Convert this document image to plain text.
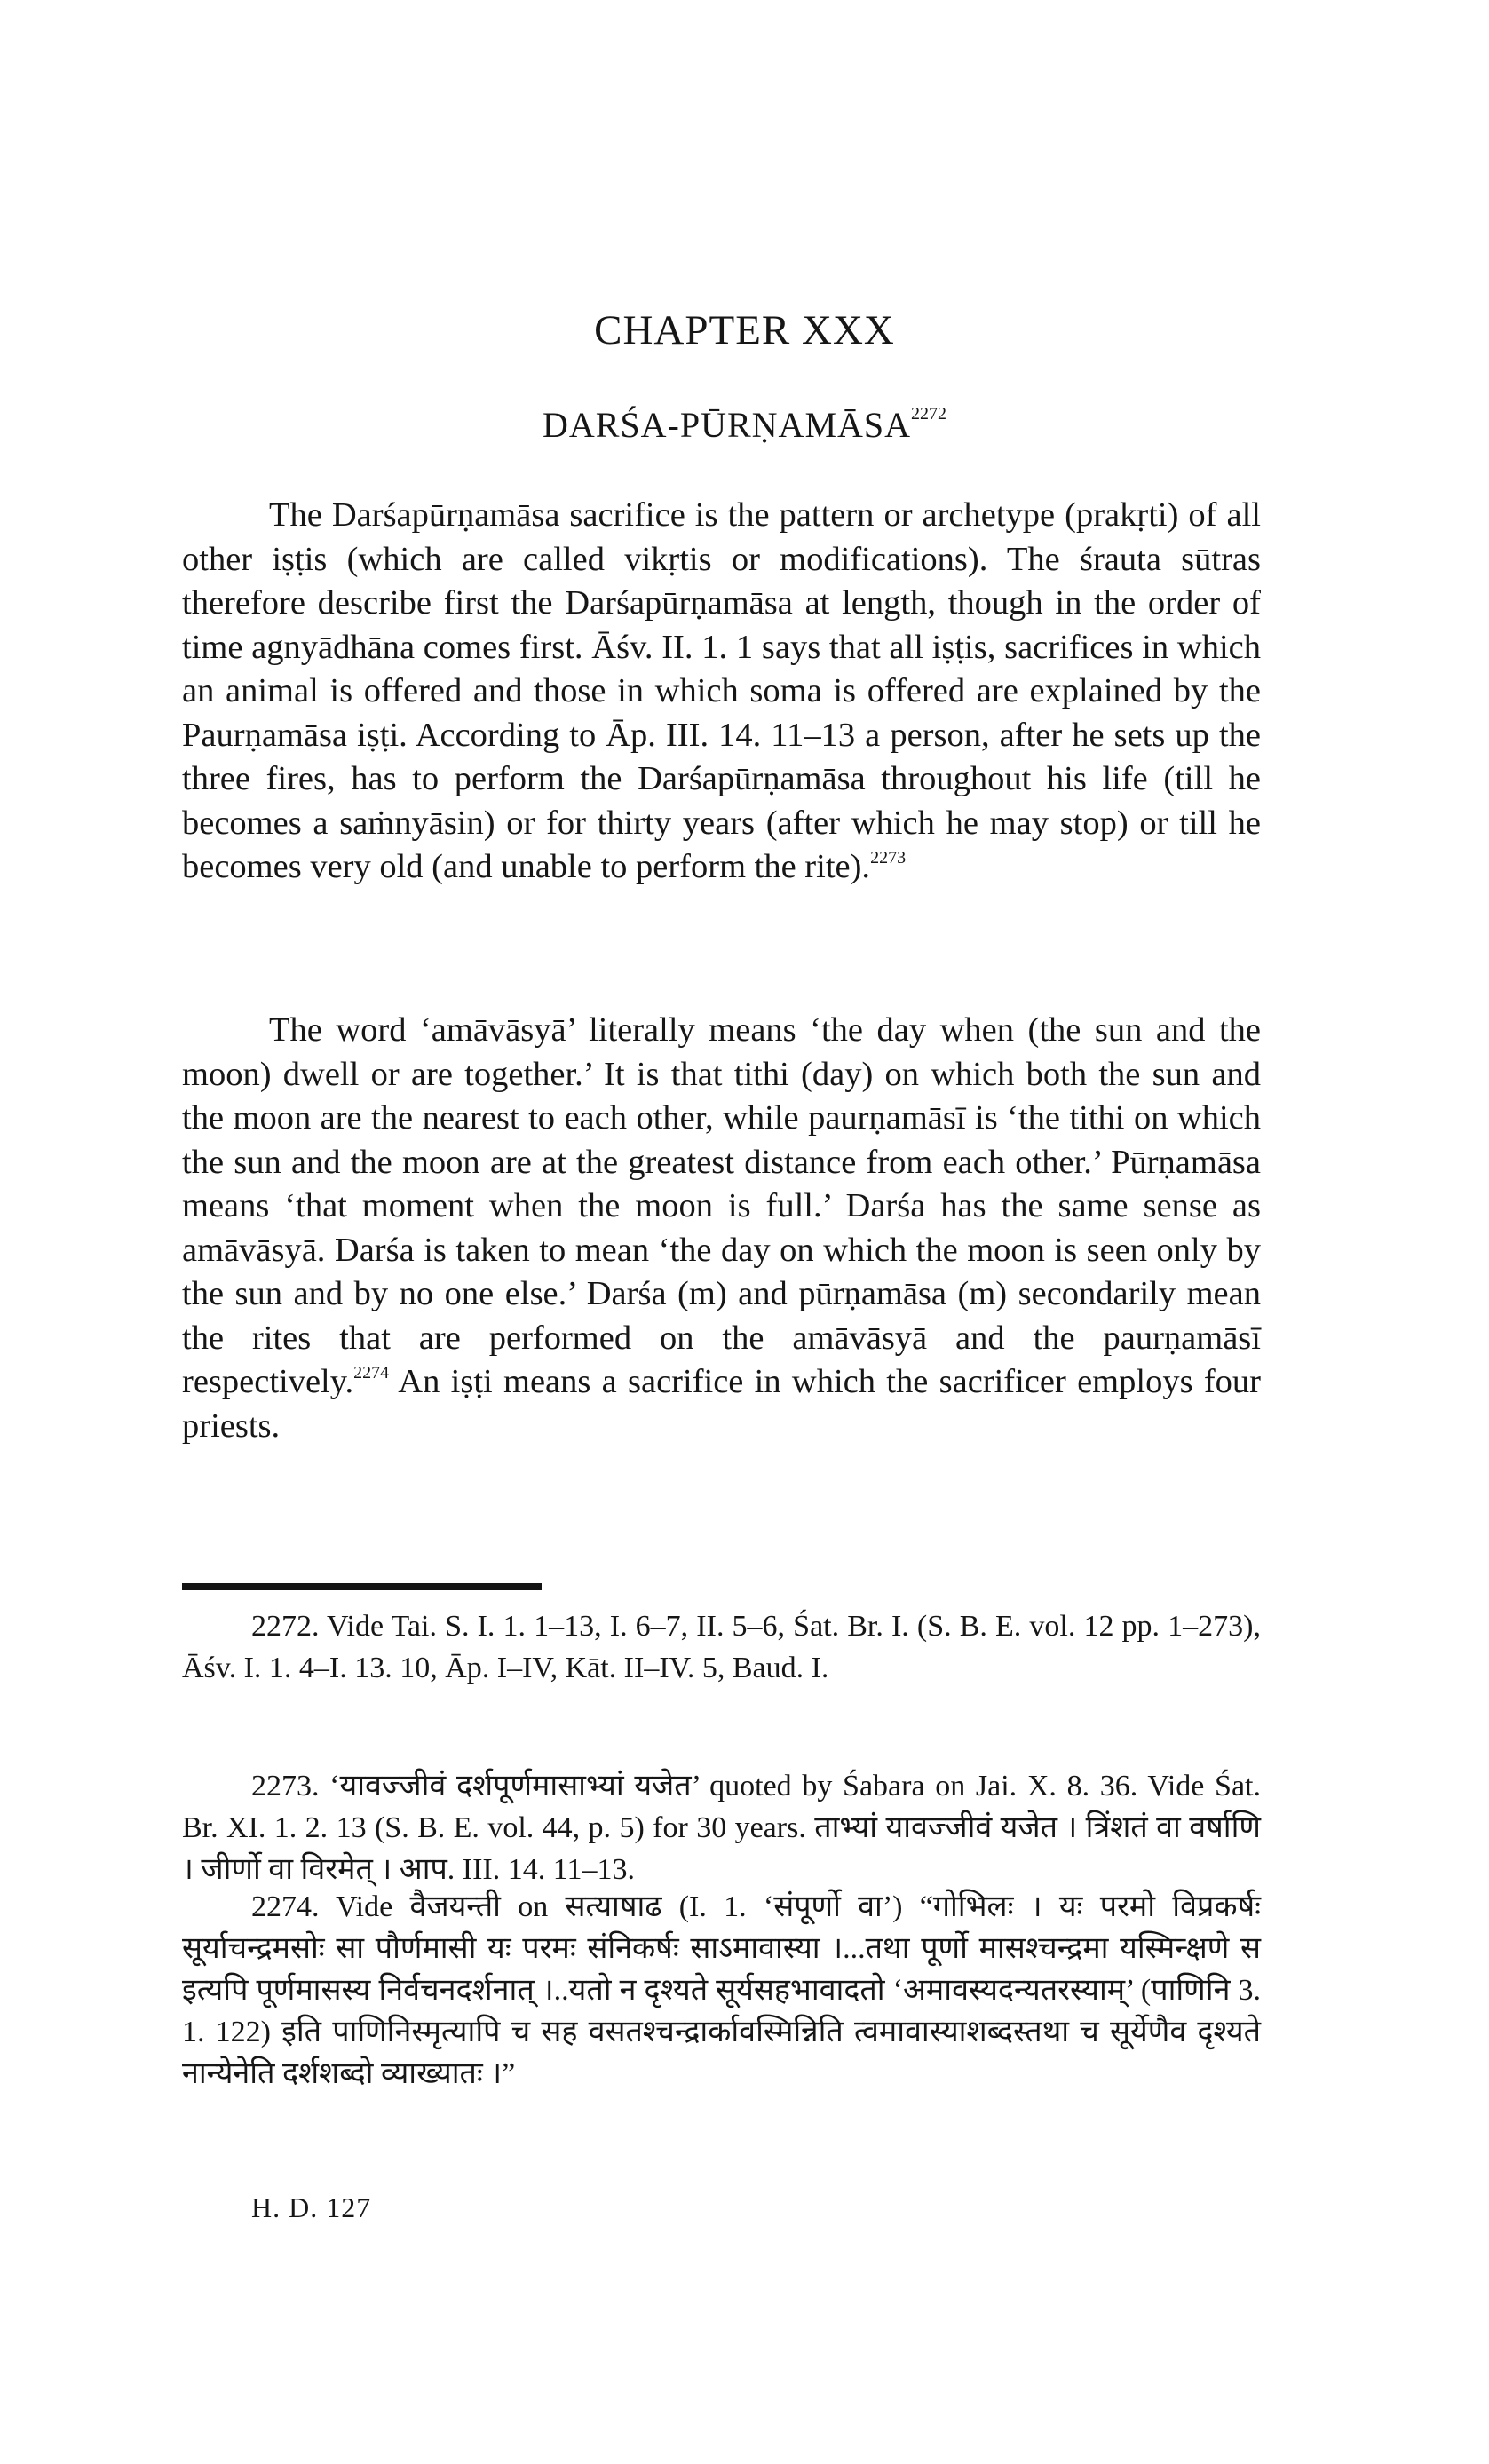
CHAPTER XXX
DARŚA-PŪRṆAMĀSA$^{2272}$

The Darśapūrṇamāsa sacrifice is the pattern or archetype (prakṛti) of all other iṣṭis (which are called vikṛtis or modifications). The śrauta sūtras therefore describe first the Darśapūrṇamāsa at length, though in the order of time agnyādhāna comes first. Āśv. II. 1. 1 says that all iṣṭis, sacrifices in which an animal is offered and those in which soma is offered are explained by the Paurṇamāsa iṣṭi. According to Āp. III. 14. 11–13 a person, after he sets up the three fires, has to perform the Darśapūrṇamāsa throughout his life (till he becomes a saṁnyāsin) or for thirty years (after which he may stop) or till he becomes very old (and unable to perform the rite).$^{2273}$

The word ‘amāvāsyā’ literally means ‘the day when (the sun and the moon) dwell or are together.’ It is that tithi (day) on which both the sun and the moon are the nearest to each other, while paurṇamāsī is ‘the tithi on which the sun and the moon are at the greatest distance from each other.’ Pūrṇamāsa means ‘that moment when the moon is full.’ Darśa has the same sense as amāvāsyā. Darśa is taken to mean ‘the day on which the moon is seen only by the sun and by no one else.’ Darśa (m) and pūrṇamāsa (m) secondarily mean the rites that are performed on the amāvāsyā and the paurṇamāsī respectively.$^{2274}$ An iṣṭi means a sacrifice in which the sacrificer employs four priests.

2272. Vide Tai. S. I. 1. 1–13, I. 6–7, II. 5–6, Śat. Br. I. (S. B. E. vol. 12 pp. 1–273), Āśv. I. 1. 4–I. 13. 10, Āp. I–IV, Kāt. II–IV. 5, Baud. I.

2273. ‘यावज्जीवं दर्शपूर्णमासाभ्यां यजेत’ quoted by Śabara on Jai. X. 8. 36. Vide Śat. Br. XI. 1. 2. 13 (S. B. E. vol. 44, p. 5) for 30 years. ताभ्यां यावज्जीवं यजेत । त्रिंशतं वा वर्षाणि । जीर्णो वा विरमेत् । आप. III. 14. 11–13.

2274. Vide वैजयन्ती on सत्याषाढ (I. 1. ‘संपूर्णो वा’) “गोभिलः । यः परमो विप्रकर्षः सूर्याचन्द्रमसोः सा पौर्णमासी यः परमः संनिकर्षः साऽमावास्या ।...तथा पूर्णो मासश्चन्द्रमा यस्मिन्क्षणे स इत्यपि पूर्णमासस्य निर्वचनदर्शनात् ।..यतो न दृश्यते सूर्यसहभावादतो ‘अमावस्यदन्यतरस्याम्’ (पाणिनि 3. 1. 122) इति पाणिनिस्मृत्यापि च सह वसतश्चन्द्रार्कावस्मिन्निति त्वमावास्याशब्दस्तथा च सूर्येणैव दृश्यते नान्येनेति दर्शशब्दो व्याख्यातः ।”

H. D. 127
